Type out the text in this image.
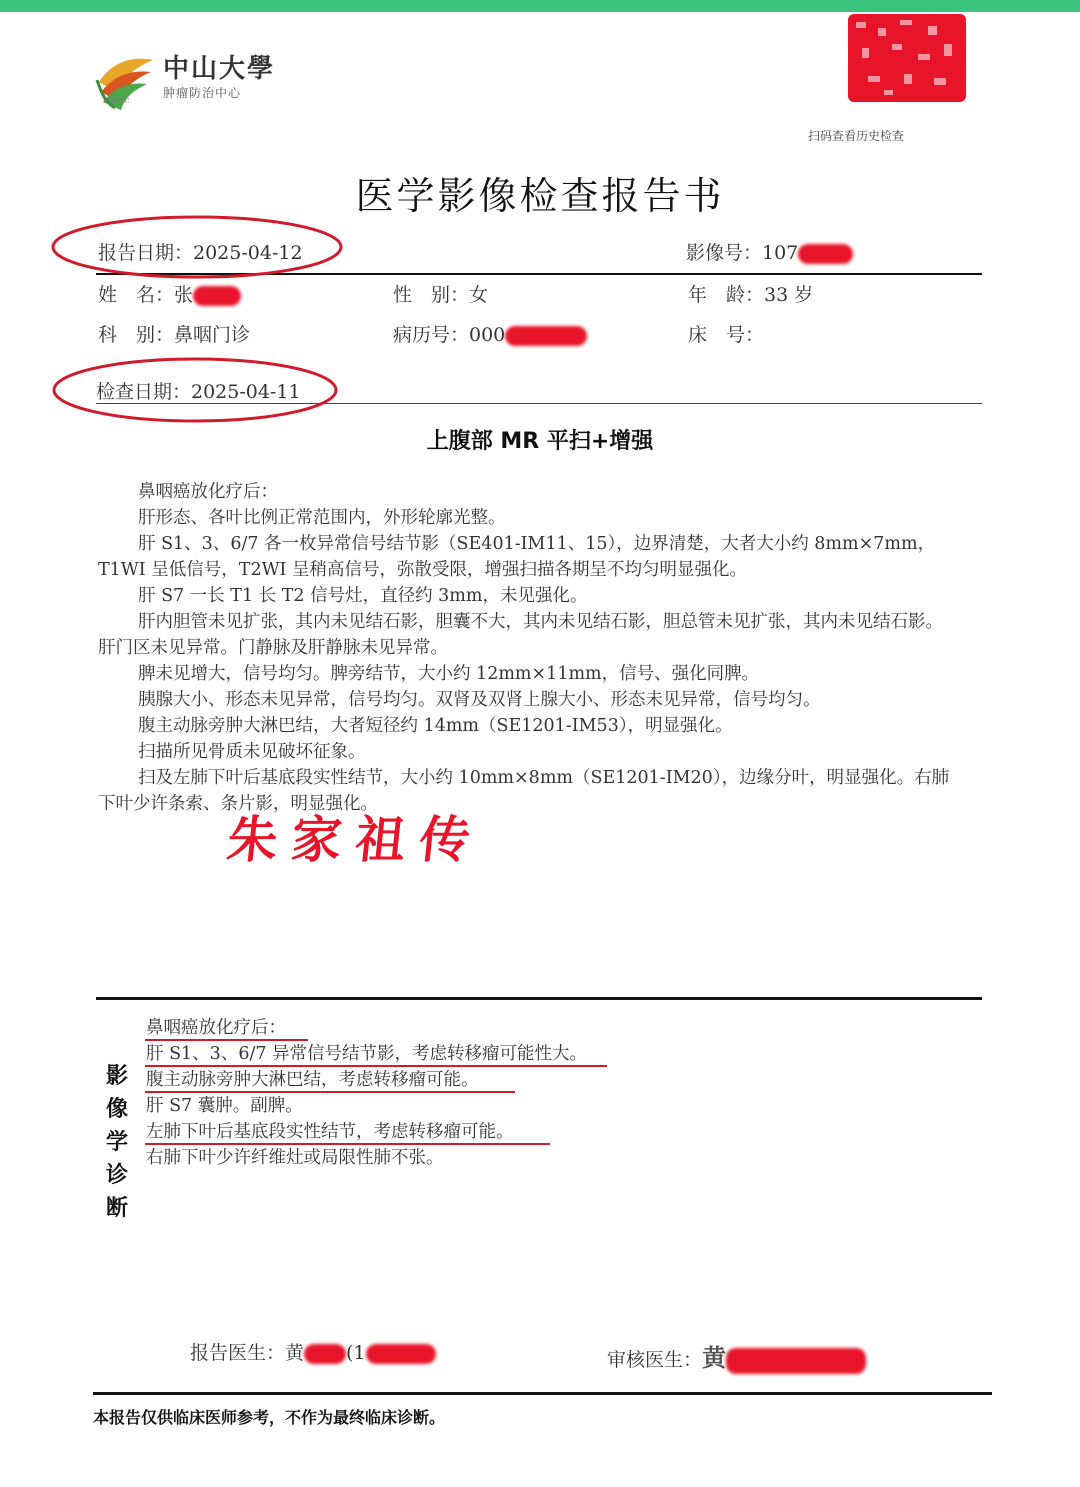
中山大學
肿瘤防治中心
SYSUCC
扫码查看历史检查
医学影像检查报告书
报告日期：2025-04-12	影像号：107
姓　名：张	性　别：女	年　龄：33 岁
科　别：鼻咽门诊	病历号：000	床　号：
检查日期：2025-04-11
上腹部 MR 平扫+增强

鼻咽癌放化疗后：

肝形态、各叶比例正常范围内，外形轮廓光整。

肝 S1、3、6/7 各一枚异常信号结节影（SE401-IM11、15），边界清楚，大者大小约 8mm×7mm，T1WI 呈低信号，T2WI 呈稍高信号，弥散受限，增强扫描各期呈不均匀明显强化。

肝 S7 一长 T1 长 T2 信号灶，直径约 3mm，未见强化。

肝内胆管未见扩张，其内未见结石影，胆囊不大，其内未见结石影，胆总管未见扩张，其内未见结石影。肝门区未见异常。门静脉及肝静脉未见异常。

脾未见增大，信号均匀。脾旁结节，大小约 12mm×11mm，信号、强化同脾。

胰腺大小、形态未见异常，信号均匀。双肾及双肾上腺大小、形态未见异常，信号均匀。

腹主动脉旁肿大淋巴结，大者短径约 14mm（SE1201-IM53），明显强化。

扫描所见骨质未见破坏征象。

扫及左肺下叶后基底段实性结节，大小约 10mm×8mm（SE1201-IM20），边缘分叶，明显强化。右肺下叶少许条索、条片影，明显强化。

朱家祖传
影像学诊断
鼻咽癌放化疗后：
肝 S1、3、6/7 异常信号结节影，考虑转移瘤可能性大。
腹主动脉旁肿大淋巴结，考虑转移瘤可能。
肝 S7 囊肿。副脾。
左肺下叶后基底段实性结节，考虑转移瘤可能。
右肺下叶少许纤维灶或局限性肺不张。
报告医生：黄 (1	审核医生：黄
本报告仅供临床医师参考，不作为最终临床诊断。
